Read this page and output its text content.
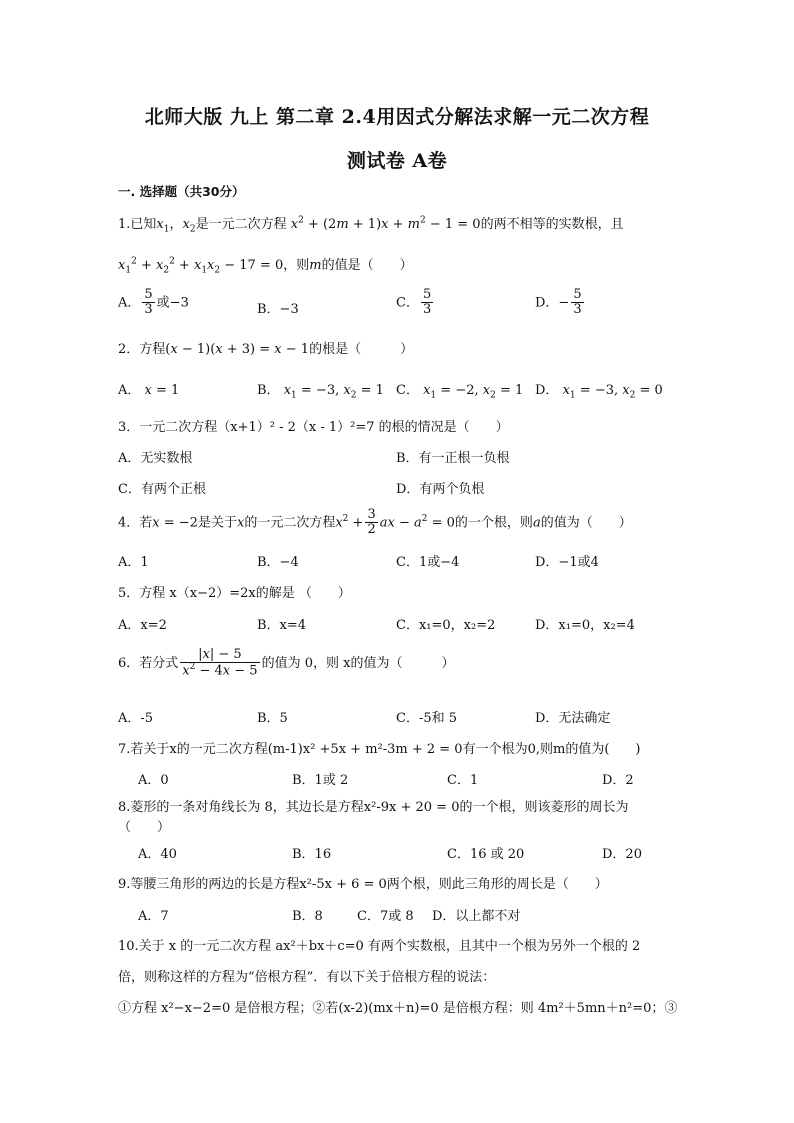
北师大版 九上 第二章 2.4用因式分解法求解一元二次方程
测试卷 A卷
一. 选择题（共30分）
1.已知$x_1$，$x_2$是一元二次方程 $x^2 + (2m + 1)x + m^2 - 1 = 0$的两不相等的实数根，且
$x_1^2 + x_2^2 + x_1x_2 - 17 = 0$，则m的值是（　　）
A． $\frac{5}{3}$ 或−3	B．−3	C． $\frac{5}{3}$	D．− $\frac{5}{3}$
2．方程(x − 1)(x + 3) = x − 1的根是（　　　）
A． x = 1	B． $x_1 = -3$, $x_2 = 1$ C． $x_1 = -2$, $x_2 = 1$ D． $x_1 = -3$, $x_2 = 0$
3．一元二次方程（x+1）² - 2（x - 1）²=7 的根的情况是（　　）
A．无实数根	B．有一正根一负根
C．有两个正根	D．有两个负根
4．若x = −2是关于x的一元二次方程$x^2 + \frac{3}{2}$ ax − $a^2 = 0$的一个根，则a的值为（　　）
A．1	B．−4	C．1或−4	D．−1或4
5．方程 x（x−2）=2x的解是 （　　）
A．x=2	B．x=4	C．x₁=0，x₂=2	D．x₁=0，x₂=4
6．若分式 $\frac{|x| - 5}{x^2 - 4x - 5}$ 的值为 0，则 x的值为（　　　）
A．-5	B．5	C．-5和 5	D．无法确定
7.若关于x的一元二次方程(m-1)x² +5x + m²-3m + 2 = 0有一个根为0,则m的值为(　　)
A．0	B．1或 2	C．1	D．2
8.菱形的一条对角线长为 8，其边长是方程x²-9x + 20 = 0的一个根，则该菱形的周长为
（　　）
A．40	B．16	C．16 或 20	D．20
9.等腰三角形的两边的长是方程x²-5x + 6 = 0两个根，则此三角形的周长是（　　）
A．7	B．8	C．7或 8 D．以上都不对
10.关于 x 的一元二次方程 ax²＋bx＋c=0 有两个实数根，且其中一个根为另外一个根的 2
倍，则称这样的方程为“倍根方程”．有以下关于倍根方程的说法：
①方程 x²−x−2=0 是倍根方程；②若(x-2)(mx＋n)=0 是倍根方程：则 4m²＋5mn＋n²=0；③
